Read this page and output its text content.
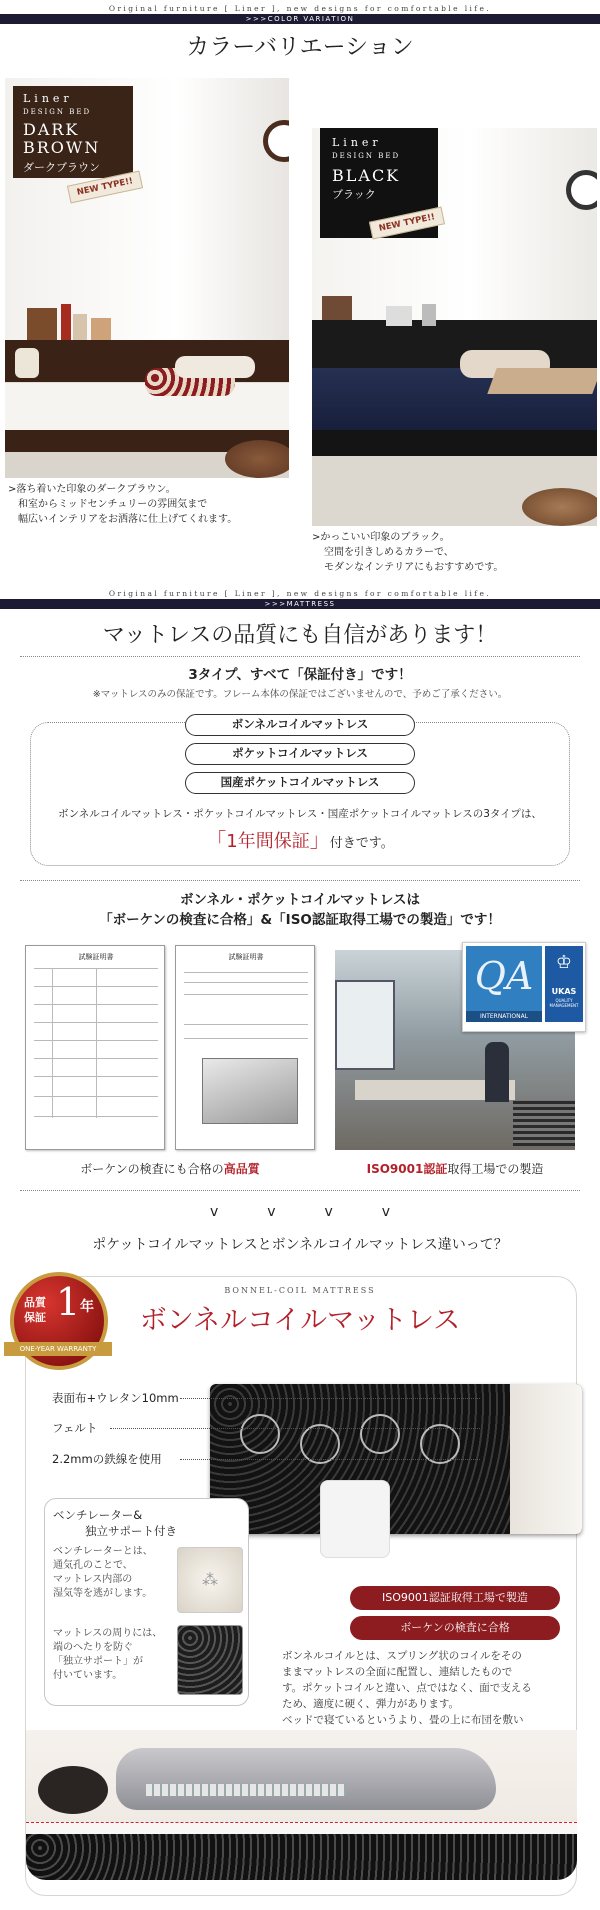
Original furniture [ Liner ], new designs for comfortable life.
>>>COLOR VARIATION
カラーバリエーション
Liner
DESIGN BED
DARK
BROWN
ダークブラウン
NEW TYPE!!
>落ち着いた印象のダークブラウン。
和室からミッドセンチュリーの雰囲気まで
幅広いインテリアをお洒落に仕上げてくれます。
Liner
DESIGN BED
BLACK
ブラック
NEW TYPE!!
>かっこいい印象のブラック。
空間を引きしめるカラーで、
モダンなインテリアにもおすすめです。
Original furniture [ Liner ], new designs for comfortable life.
>>>MATTRESS
マットレスの品質にも自信があります！
3タイプ、すべて「保証付き」です！
※マットレスのみの保証です。フレーム本体の保証ではございませんので、予めご了承ください。
ボンネルコイルマットレス
ポケットコイルマットレス
国産ポケットコイルマットレス
ボンネルコイルマットレス・ポケットコイルマットレス・国産ポケットコイルマットレスの3タイプは、
「1年間保証」付きです。
ボンネル・ポケットコイルマットレスは
「ボーケンの検査に合格」&「ISO認証取得工場での製造」です！
試験証明書	試験証明書	QA
INTERNATIONAL
♔
UKAS
QUALITY MANAGEMENT
ボーケンの検査にも合格の高品質	ISO9001認証取得工場での製造
v	v	v	v
ポケットコイルマットレスとボンネルコイルマットレス違いって？
品質
保証 1 年
ONE-YEAR WARRANTY
BONNEL-COIL MATTRESS
ボンネルコイルマットレス
表面布+ウレタン10mm
フェルト
2.2mmの鉄線を使用
ベンチレーター&
独立サポート付き
ベンチレーターとは、
通気孔のことで、
マットレス内部の
湿気等を逃がします。
⁂
マットレスの周りには、
端のへたりを防ぐ
「独立サポート」が
付いています。
ISO9001認証取得工場で製造
ボーケンの検査に合格
ボンネルコイルとは、スプリング状のコイルをその
ままマットレスの全面に配置し、連結したもので
す。ポケットコイルと違い、点ではなく、面で支える
ため、適度に硬く、弾力があります。
ベッドで寝ているというより、畳の上に布団を敷い
